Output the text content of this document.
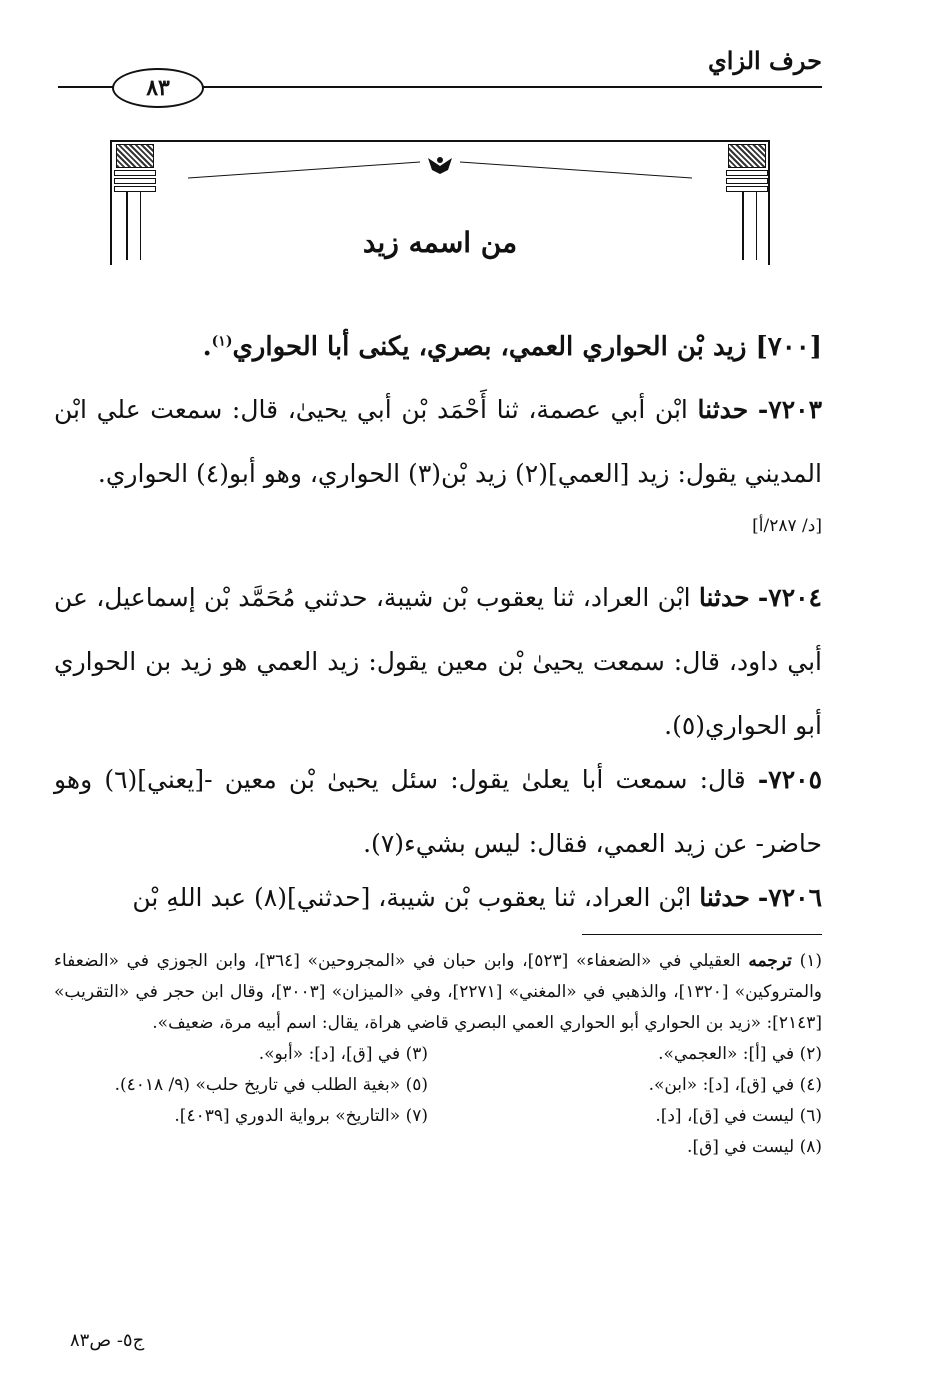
حرف الزاي
٨٣
من اسمه زيد
[٧٠٠] زيد بْن الحواري العمي، بصري، يكنى أبا الحواري$^{(١)}$.
٧٢٠٣- حدثنا ابْن أبي عصمة، ثنا أَحْمَد بْن أبي يحيىٰ، قال: سمعت علي ابْن المديني يقول: زيد [العمي](٢) زيد بْن(٣) الحواري، وهو أبو(٤) الحواري.
[د/ ٢٨٧/أ]
٧٢٠٤- حدثنا ابْن العراد، ثنا يعقوب بْن شيبة، حدثني مُحَمَّد بْن إسماعيل، عن أبي داود، قال: سمعت يحيىٰ بْن معين يقول: زيد العمي هو زيد بن الحواري أبو الحواري(٥).
٧٢٠٥- قال: سمعت أبا يعلىٰ يقول: سئل يحيىٰ بْن معين -[يعني](٦) وهو حاضر- عن زيد العمي، فقال: ليس بشيء(٧).
٧٢٠٦- حدثنا ابْن العراد، ثنا يعقوب بْن شيبة، [حدثني](٨) عبد اللهِ بْن
(١) ترجمه العقيلي في «الضعفاء» [٥٢٣]، وابن حبان في «المجروحين» [٣٦٤]، وابن الجوزي في «الضعفاء والمتروكين» [١٣٢٠]، والذهبي في «المغني» [٢٢٧١]، وفي «الميزان» [٣٠٠٣]، وقال ابن حجر في «التقريب» [٢١٤٣]: «زيد بن الحواري أبو الحواري العمي البصري قاضي هراة، يقال: اسم أبيه مرة، ضعيف».
(٢) في [أ]: «العجمي».
(٣) في [ق]، [د]: «أبو».
(٤) في [ق]، [د]: «ابن».
(٥) «بغية الطلب في تاريخ حلب» (٩/ ٤٠١٨).
(٦) ليست في [ق]، [د].
(٧) «التاريخ» برواية الدوري [٤٠٣٩].
(٨) ليست في [ق].
ج٥- ص٨٣
